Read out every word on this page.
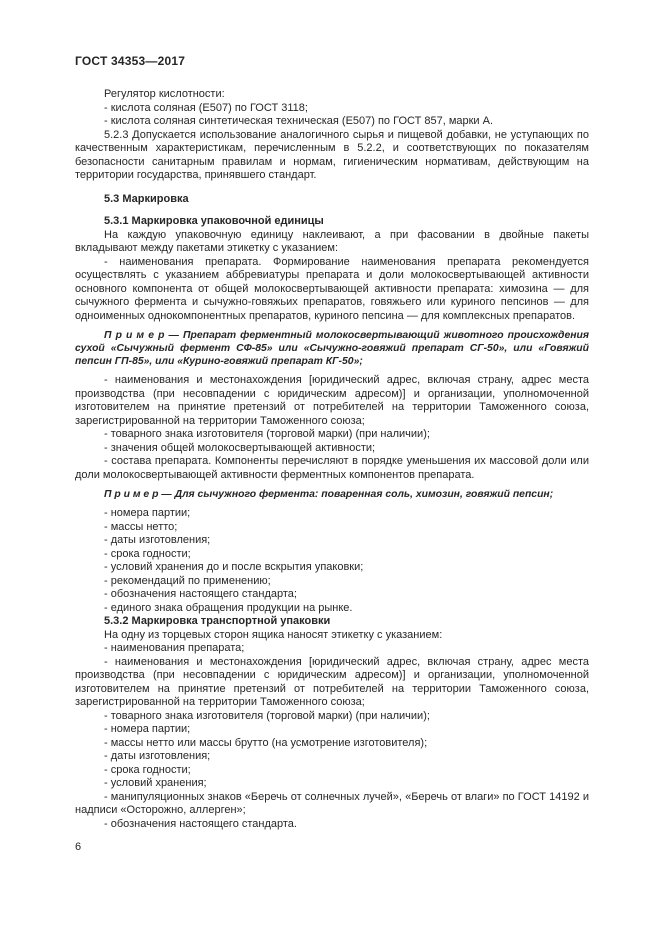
ГОСТ 34353—2017

Регулятор кислотности:

- кислота соляная (Е507) по ГОСТ 3118;

- кислота соляная синтетическая техническая (Е507) по ГОСТ 857, марки А.

5.2.3 Допускается использование аналогичного сырья и пищевой добавки, не уступающих по качественным характеристикам, перечисленным в 5.2.2, и соответствующих по показателям безопасности санитарным правилам и нормам, гигиеническим нормативам, действующим на территории государства, принявшего стандарт.

5.3 Маркировка

5.3.1 Маркировка упаковочной единицы

На каждую упаковочную единицу наклеивают, а при фасовании в двойные пакеты вкладывают между пакетами этикетку с указанием:

- наименования препарата. Формирование наименования препарата рекомендуется осуществлять с указанием аббревиатуры препарата и доли молокосвертывающей активности основного компонента от общей молокосвертывающей активности препарата: химозина — для сычужного фермента и сычужно-говяжьих препаратов, говяжьего или куриного пепсинов — для одноименных однокомпонентных препаратов, куриного пепсина — для комплексных препаратов.

П р и м е р — Препарат ферментный молокосвертывающий животного происхождения сухой «Сычужный фермент СФ-85» или «Сычужно-говяжий препарат СГ-50», или «Говяжий пепсин ГП-85», или «Курино-говяжий препарат КГ-50»;

- наименования и местонахождения [юридический адрес, включая страну, адрес места производства (при несовпадении с юридическим адресом)] и организации, уполномоченной изготовителем на принятие претензий от потребителей на территории Таможенного союза, зарегистрированной на территории Таможенного союза;

- товарного знака изготовителя (торговой марки) (при наличии);

- значения общей молокосвертывающей активности;

- состава препарата. Компоненты перечисляют в порядке уменьшения их массовой доли или доли молокосвертывающей активности ферментных компонентов препарата.

П р и м е р — Для сычужного фермента: поваренная соль, химозин, говяжий пепсин;

- номера партии;

- массы нетто;

- даты изготовления;

- срока годности;

- условий хранения до и после вскрытия упаковки;

- рекомендаций по применению;

- обозначения настоящего стандарта;

- единого знака обращения продукции на рынке.

5.3.2 Маркировка транспортной упаковки

На одну из торцевых сторон ящика наносят этикетку с указанием:

- наименования препарата;

- наименования и местонахождения [юридический адрес, включая страну, адрес места производства (при несовпадении с юридическим адресом)] и организации, уполномоченной изготовителем на принятие претензий от потребителей на территории Таможенного союза, зарегистрированной на территории Таможенного союза;

- товарного знака изготовителя (торговой марки) (при наличии);

- номера партии;

- массы нетто или массы брутто (на усмотрение изготовителя);

- даты изготовления;

- срока годности;

- условий хранения;

- манипуляционных знаков «Беречь от солнечных лучей», «Беречь от влаги» по ГОСТ 14192 и надписи «Осторожно, аллерген»;

- обозначения настоящего стандарта.

6
